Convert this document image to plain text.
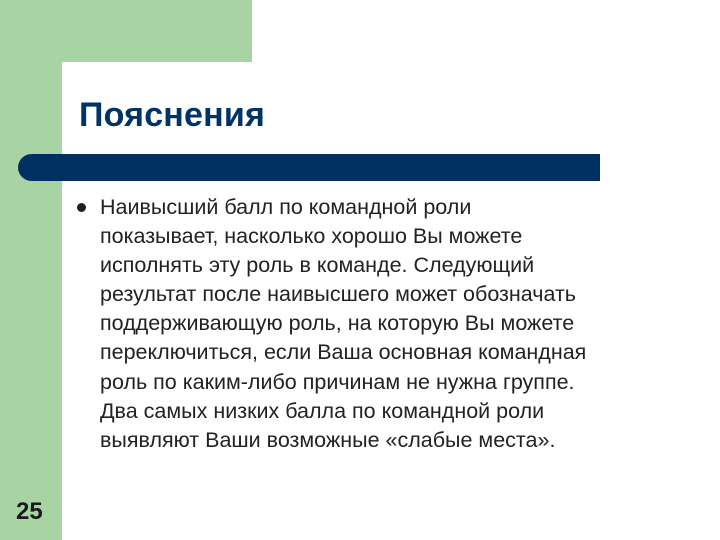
Пояснения

Наивысший балл по командной роли
показывает, насколько хорошо Вы можете
исполнять эту роль в команде. Следующий
результат после наивысшего может обозначать
поддерживающую роль, на которую Вы можете
переключиться, если Ваша основная командная
роль по каким-либо причинам не нужна группе.
Два самых низких балла по командной роли
выявляют Ваши возможные «слабые места».

25
